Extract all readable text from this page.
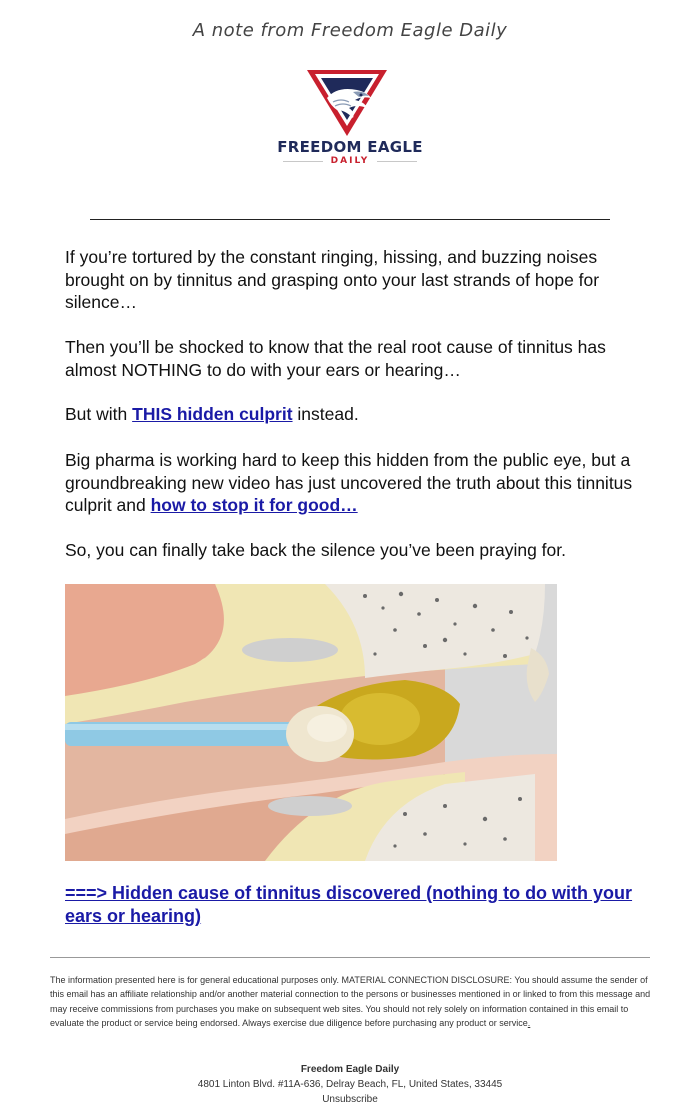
A note from Freedom Eagle Daily
FREEDOM EAGLE
DAILY
If you’re tortured by the constant ringing, hissing, and buzzing noises brought on by tinnitus and grasping onto your last strands of hope for silence…
Then you’ll be shocked to know that the real root cause of tinnitus has almost NOTHING to do with your ears or hearing…
But with THIS hidden culprit instead.
Big pharma is working hard to keep this hidden from the public eye, but a groundbreaking new video has just uncovered the truth about this tinnitus culprit and how to stop it for good…
So, you can finally take back the silence you’ve been praying for.
===> Hidden cause of tinnitus discovered (nothing to do with your ears or hearing)
The information presented here is for general educational purposes only. MATERIAL CONNECTION DISCLOSURE: You should assume the sender of this email has an affiliate relationship and/or another material connection to the persons or businesses mentioned in or linked to from this message and may receive commissions from purchases you make on subsequent web sites. You should not rely solely on information contained in this email to evaluate the product or service being endorsed. Always exercise due diligence before purchasing any product or service.
Freedom Eagle Daily
4801 Linton Blvd. #11A-636, Delray Beach, FL, United States, 33445
Unsubscribe
